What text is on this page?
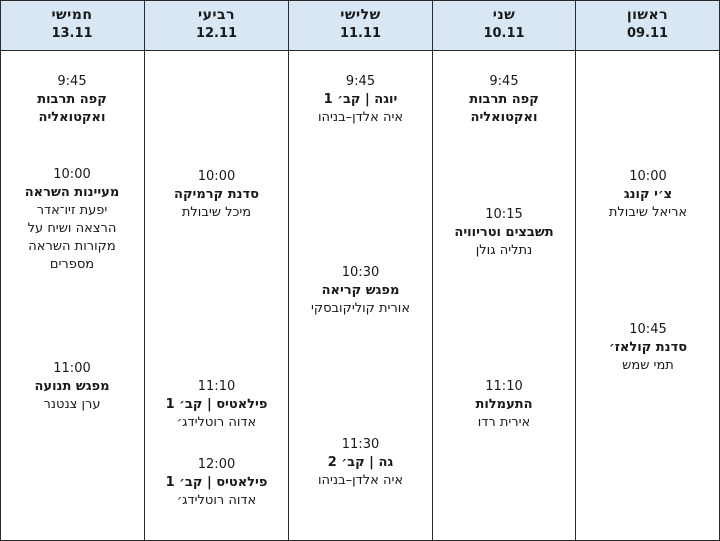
חמישי
13.11
רביעי
12.11
שלישי
11.11
שני
10.11
ראשון
09.11
9:45
קפה תרבות
ואקטואליה
10:00
מעיינות השראה
יפעת זיו־אדר
הרצאה ושיח על
מקורות השראה
מספרים
11:00
מפגש תנועה
ערן צנטנר
10:00
סדנת קרמיקה
מיכל שיבולת
11:10
פילאטיס | קב׳ 1
אדוה רוטלידג׳
12:00
פילאטיס | קב׳ 1
אדוה רוטלידג׳
9:45
יוגה | קב׳ 1
איה אלדן–בניהו
10:30
מפגש קריאה
אורית קוליקובסקי
11:30
גה | קב׳ 2
איה אלדן–בניהו
9:45
קפה תרבות
ואקטואליה
10:15
תשבצים וטריוויה
נתליה גולן
11:10
התעמלות
אירית רדו
10:00
צ׳י קונג
אריאל שיבולת
10:45
סדנת קולאז׳
תמי שמש
